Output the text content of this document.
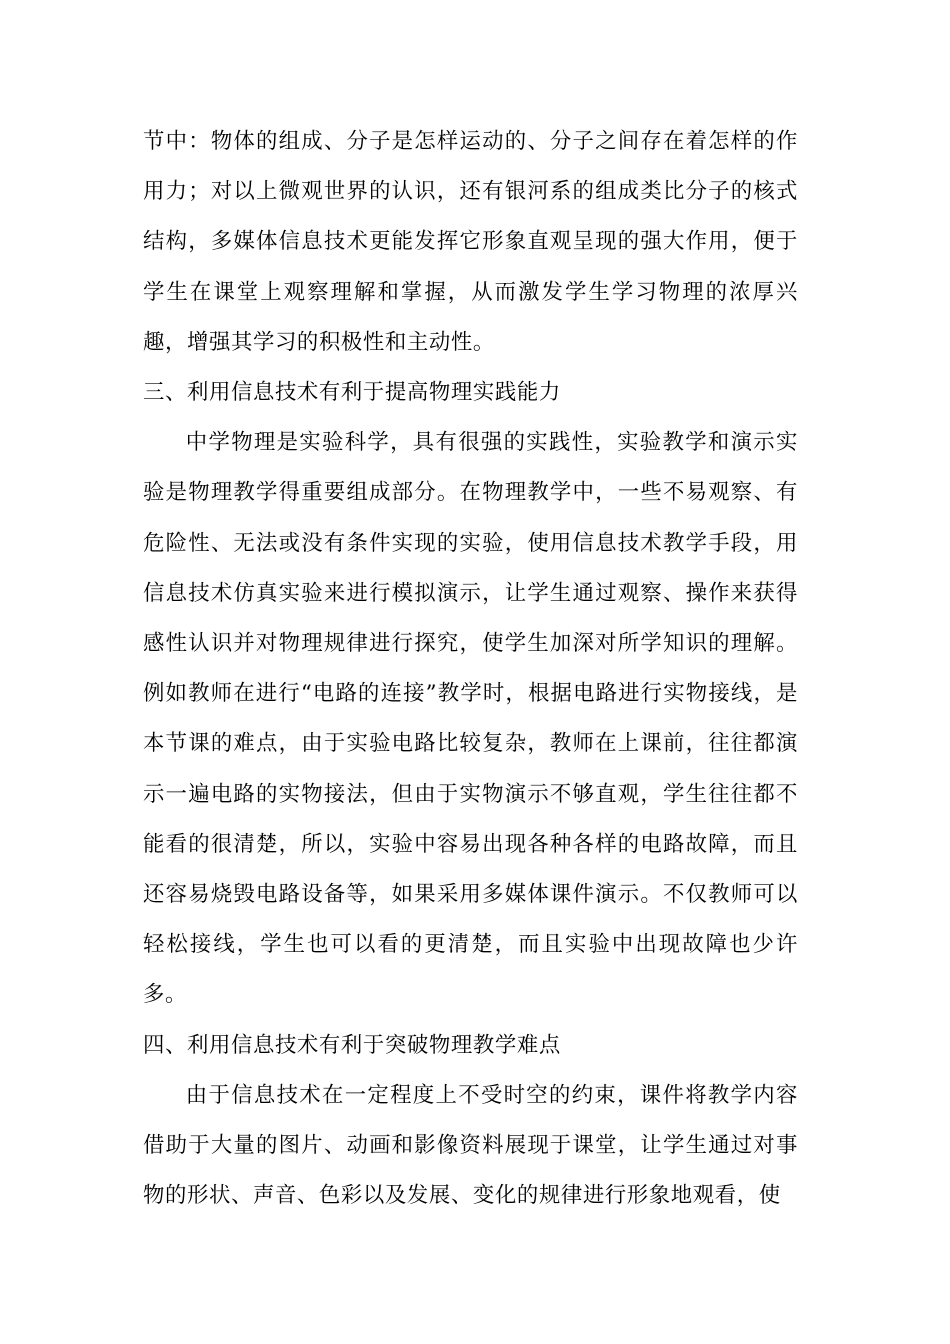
节中：物体的组成、分子是怎样运动的、分子之间存在着怎样的作用力；对以上微观世界的认识，还有银河系的组成类比分子的核式结构，多媒体信息技术更能发挥它形象直观呈现的强大作用，便于学生在课堂上观察理解和掌握，从而激发学生学习物理的浓厚兴趣，增强其学习的积极性和主动性。

三、利用信息技术有利于提高物理实践能力

中学物理是实验科学，具有很强的实践性，实验教学和演示实验是物理教学得重要组成部分。在物理教学中，一些不易观察、有危险性、无法或没有条件实现的实验，使用信息技术教学手段，用信息技术仿真实验来进行模拟演示，让学生通过观察、操作来获得感性认识并对物理规律进行探究，使学生加深对所学知识的理解。例如教师在进行“电路的连接”教学时，根据电路进行实物接线，是本节课的难点，由于实验电路比较复杂，教师在上课前，往往都演示一遍电路的实物接法，但由于实物演示不够直观，学生往往都不能看的很清楚，所以，实验中容易出现各种各样的电路故障，而且还容易烧毁电路设备等，如果采用多媒体课件演示。不仅教师可以轻松接线，学生也可以看的更清楚，而且实验中出现故障也少许多。

四、利用信息技术有利于突破物理教学难点

由于信息技术在一定程度上不受时空的约束，课件将教学内容借助于大量的图片、动画和影像资料展现于课堂，让学生通过对事物的形状、声音、色彩以及发展、变化的规律进行形象地观看，使
